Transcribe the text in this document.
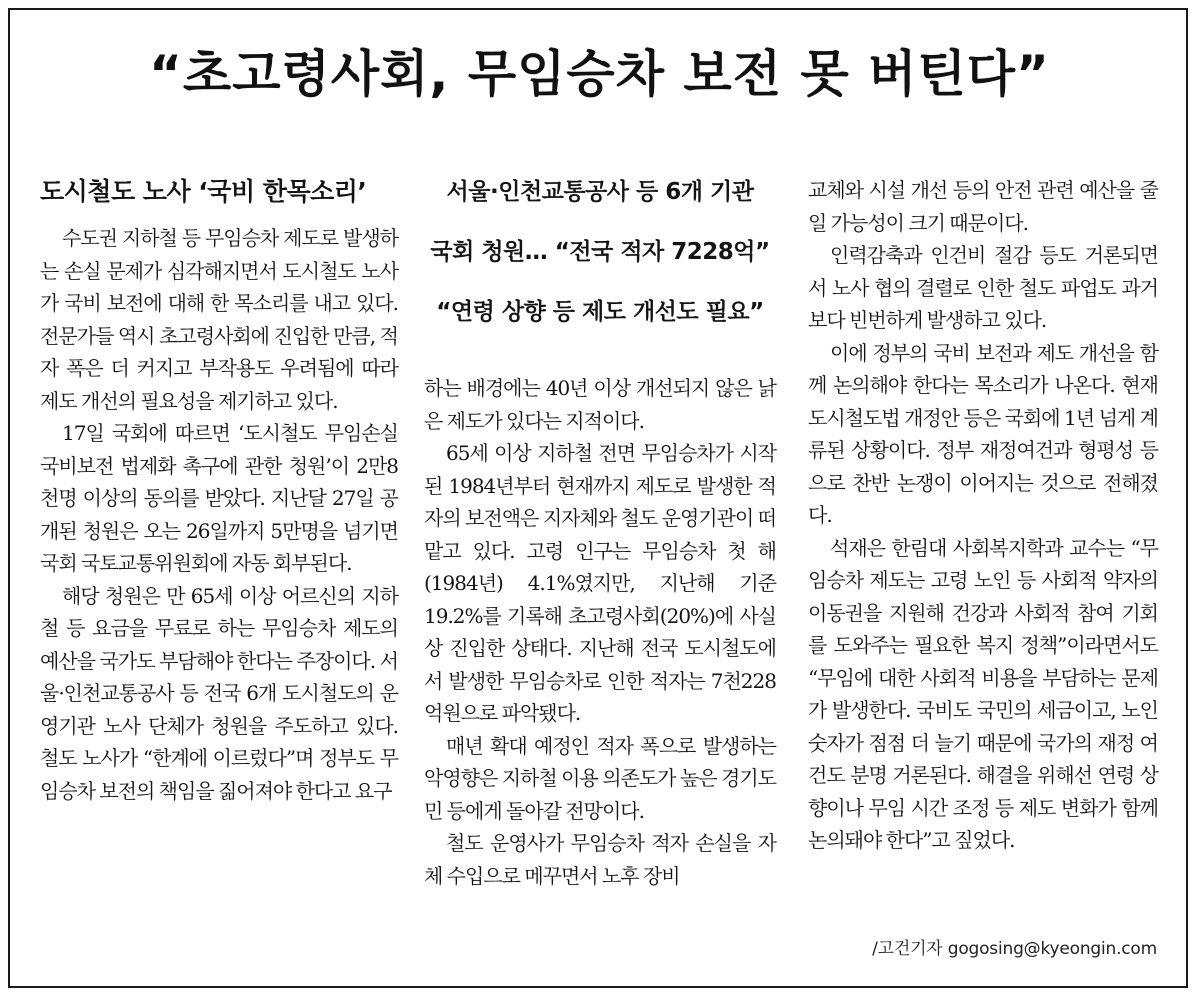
“초고령사회, 무임승차 보전 못 버틴다”
도시철도 노사 ‘국비 한목소리’

수도권 지하철 등 무임승차 제도로 발생하는 손실 문제가 심각해지면서 도시철도 노사가 국비 보전에 대해 한 목소리를 내고 있다. 전문가들 역시 초고령사회에 진입한 만큼, 적자 폭은 더 커지고 부작용도 우려됨에 따라 제도 개선의 필요성을 제기하고 있다.

17일 국회에 따르면 ‘도시철도 무임손실 국비보전 법제화 촉구에 관한 청원’이 2만8천명 이상의 동의를 받았다. 지난달 27일 공개된 청원은 오는 26일까지 5만명을 넘기면 국회 국토교통위원회에 자동 회부된다.

해당 청원은 만 65세 이상 어르신의 지하철 등 요금을 무료로 하는 무임승차 제도의 예산을 국가도 부담해야 한다는 주장이다. 서울·인천교통공사 등 전국 6개 도시철도의 운영기관 노사 단체가 청원을 주도하고 있다. 철도 노사가 “한계에 이르렀다”며 정부도 무임승차 보전의 책임을 짊어져야 한다고 요구

서울·인천교통공사 등 6개 기관
국회 청원… “전국 적자 7228억”
“연령 상향 등 제도 개선도 필요”

하는 배경에는 40년 이상 개선되지 않은 낡은 제도가 있다는 지적이다.

65세 이상 지하철 전면 무임승차가 시작된 1984년부터 현재까지 제도로 발생한 적자의 보전액은 지자체와 철도 운영기관이 떠맡고 있다. 고령 인구는 무임승차 첫 해(1984년) 4.1%였지만, 지난해 기준 19.2%를 기록해 초고령사회(20%)에 사실상 진입한 상태다. 지난해 전국 도시철도에서 발생한 무임승차로 인한 적자는 7천228억원으로 파악됐다.

매년 확대 예정인 적자 폭으로 발생하는 악영향은 지하철 이용 의존도가 높은 경기도민 등에게 돌아갈 전망이다.

철도 운영사가 무임승차 적자 손실을 자체 수입으로 메꾸면서 노후 장비

교체와 시설 개선 등의 안전 관련 예산을 줄일 가능성이 크기 때문이다.

인력감축과 인건비 절감 등도 거론되면서 노사 협의 결렬로 인한 철도 파업도 과거보다 빈번하게 발생하고 있다.

이에 정부의 국비 보전과 제도 개선을 함께 논의해야 한다는 목소리가 나온다. 현재 도시철도법 개정안 등은 국회에 1년 넘게 계류된 상황이다. 정부 재정여건과 형평성 등으로 찬반 논쟁이 이어지는 것으로 전해졌다.

석재은 한림대 사회복지학과 교수는 “무임승차 제도는 고령 노인 등 사회적 약자의 이동권을 지원해 건강과 사회적 참여 기회를 도와주는 필요한 복지 정책”이라면서도 “무임에 대한 사회적 비용을 부담하는 문제가 발생한다. 국비도 국민의 세금이고, 노인 숫자가 점점 더 늘기 때문에 국가의 재정 여건도 분명 거론된다. 해결을 위해선 연령 상향이나 무임 시간 조정 등 제도 변화가 함께 논의돼야 한다”고 짚었다.

/고건기자 gogosing@kyeongin.com
